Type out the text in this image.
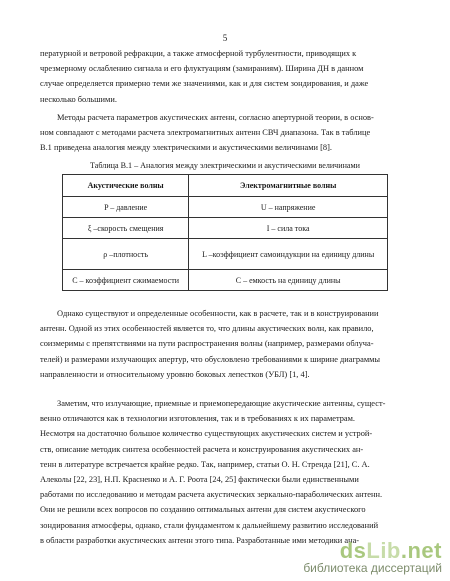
5
пературной и ветровой рефракции, а также атмосферной турбулентности, приводящих к
чрезмерному ослаблению сигнала и его флуктуациям (замираниям). Ширина ДН в данном
случае определяется примерно теми же значениями, как и для систем зондирования, и даже
несколько большими.
Методы расчета параметров акустических антенн, согласно апертурной теории, в основ-
ном совпадают с методами расчета электромагнитных антенн СВЧ диапазона. Так в таблице
В.1 приведена аналогия между электрическими и акустическими величинами [8].
Таблица В.1 – Аналогия между электрическими и акустическими величинами
Акустические волны	Электромагнитные волны
P – давление	U – напряжение
ξ –скорость смещения	I – сила тока
ρ –плотность	L –коэффициент самоиндукции на единицу длины
C – коэффициент сжимаемости	C – емкость на единицу длины
Однако существуют и определенные особенности, как в расчете, так и в конструировании
антенн. Одной из этих особенностей является то, что длины акустических волн, как правило,
соизмеримы с препятствиями на пути распространения волны (например, размерами облуча-
телей) и размерами излучающих апертур, что обусловлено требованиями к ширине диаграммы
направленности и относительному уровню боковых лепестков (УБЛ) [1, 4].
Заметим, что излучающие, приемные и приемопередающие акустические антенны, сущест-
венно отличаются как в технологии изготовления, так и в требованиях к их параметрам.
Несмотря на достаточно большое количество существующих акустических систем и устрой-
ств, описание методик синтеза особенностей расчета и конструирования акустических ан-
тенн в литературе встречается крайне редко. Так, например, статьи О. Н. Стренда [21], С. А.
Алеколы [22, 23], Н.П. Красненко и А. Г. Роота [24, 25] фактически были единственными
работами по исследованию и методам расчета акустических зеркально-параболических антенн.
Они не решили всех вопросов по созданию оптимальных антенн для систем акустического
зондирования атмосферы, однако, стали фундаментом к дальнейшему развитию исследований
в области разработки акустических антенн этого типа. Разработанные ими методики ана-
dsLib.net
библиотека диссертаций
